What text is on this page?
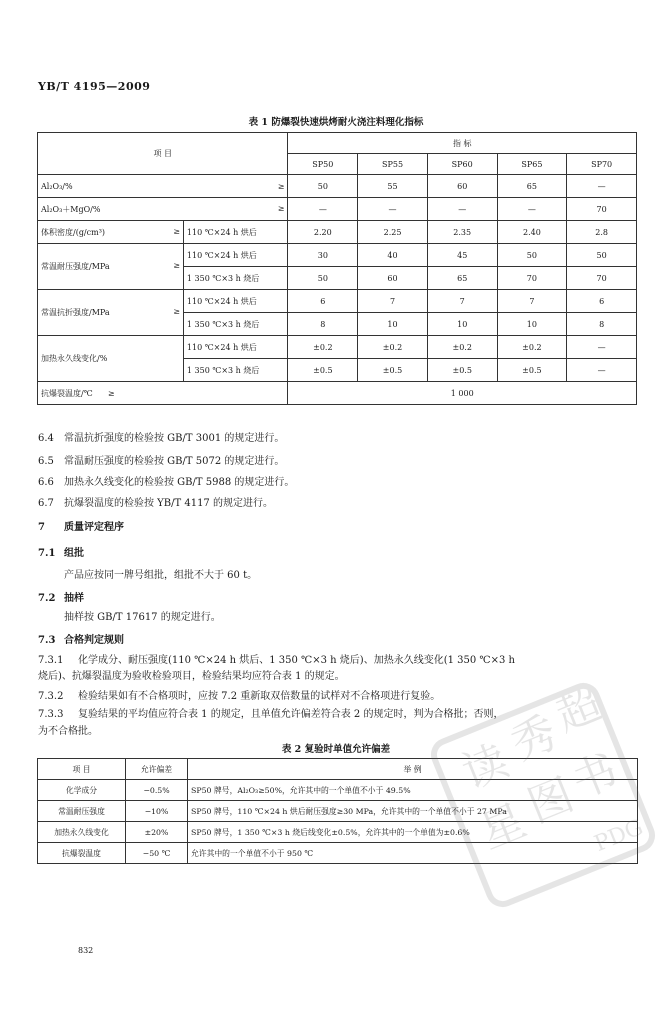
YB/T 4195—2009
表 1 防爆裂快速烘烤耐火浇注料理化指标
项 目		指 标				
		SP50	SP55	SP60	SP65	SP70

Al₂O₃/% ≥		50	55	60	65	—

Al₂O₃＋MgO/% ≥		—	—	—	—	70

体积密度/(g/cm³) ≥	110 ℃×24 h 烘后	2.20	2.25	2.35	2.40	2.8

常温耐压强度/MPa ≥	110 ℃×24 h 烘后	30	40	45	50	50
	1 350 ℃×3 h 烧后	50	60	65	70	70

常温抗折强度/MPa ≥	110 ℃×24 h 烘后	6	7	7	7	6
	1 350 ℃×3 h 烧后	8	10	10	10	8
加热永久线变化/%	110 ℃×24 h 烘后	±0.2	±0.2	±0.2	±0.2	—
	1 350 ℃×3 h 烧后	±0.5	±0.5	±0.5	±0.5	—
抗爆裂温度/℃ ≥		1 000				
6.4 常温抗折强度的检验按 GB/T 3001 的规定进行。
6.5 常温耐压强度的检验按 GB/T 5072 的规定进行。
6.6 加热永久线变化的检验按 GB/T 5988 的规定进行。
6.7 抗爆裂温度的检验按 YB/T 4117 的规定进行。
7 质量评定程序
7.1 组批
产品应按同一牌号组批，组批不大于 60 t。
7.2 抽样
抽样按 GB/T 17617 的规定进行。
7.3 合格判定规则
7.3.1 化学成分、耐压强度(110 ℃×24 h 烘后、1 350 ℃×3 h 烧后)、加热永久线变化(1 350 ℃×3 h
烧后)、抗爆裂温度为验收检验项目，检验结果均应符合表 1 的规定。
7.3.2 检验结果如有不合格项时，应按 7.2 重新取双倍数量的试样对不合格项进行复验。
7.3.3 复验结果的平均值应符合表 1 的规定，且单值允许偏差符合表 2 的规定时，判为合格批；否则，
为不合格批。
表 2 复验时单值允许偏差
项 目	允许偏差	举 例
化学成分	−0.5%	SP50 牌号，Al₂O₃≥50%，允许其中的一个单值不小于 49.5%
常温耐压强度	−10%	SP50 牌号，110 ℃×24 h 烘后耐压强度≥30 MPa，允许其中的一个单值不小于 27 MPa
加热永久线变化	±20%	SP50 牌号，1 350 ℃×3 h 烧后线变化±0.5%，允许其中的一个单值为±0.6%
抗爆裂温度	−50 ℃	允许其中的一个单值不小于 950 ℃
读
秀
超
星
图
书
PDG
832
